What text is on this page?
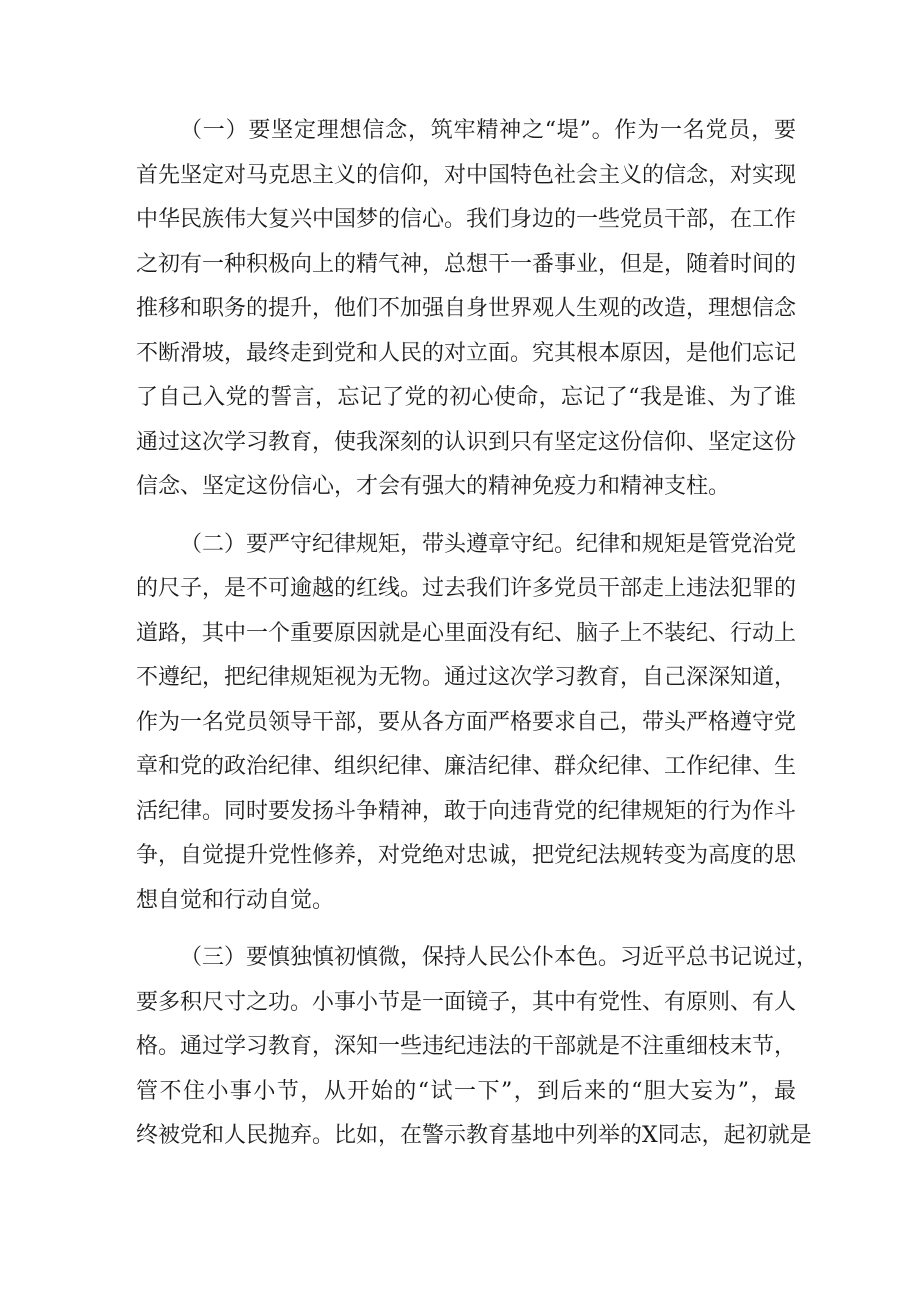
（一）要坚定理想信念，筑牢精神之“堤”。作为一名党员，要
首先坚定对马克思主义的信仰，对中国特色社会主义的信念，对实现
中华民族伟大复兴中国梦的信心。我们身边的一些党员干部，在工作
之初有一种积极向上的精气神，总想干一番事业，但是，随着时间的
推移和职务的提升，他们不加强自身世界观人生观的改造，理想信念
不断滑坡，最终走到党和人民的对立面。究其根本原因，是他们忘记
了自己入党的誓言，忘记了党的初心使命，忘记了“我是谁、为了谁
通过这次学习教育，使我深刻的认识到只有坚定这份信仰、坚定这份
信念、坚定这份信心，才会有强大的精神免疫力和精神支柱。
（二）要严守纪律规矩，带头遵章守纪。纪律和规矩是管党治党
的尺子，是不可逾越的红线。过去我们许多党员干部走上违法犯罪的
道路，其中一个重要原因就是心里面没有纪、脑子上不装纪、行动上
不遵纪，把纪律规矩视为无物。通过这次学习教育，自己深深知道，
作为一名党员领导干部，要从各方面严格要求自己，带头严格遵守党
章和党的政治纪律、组织纪律、廉洁纪律、群众纪律、工作纪律、生
活纪律。同时要发扬斗争精神，敢于向违背党的纪律规矩的行为作斗
争，自觉提升党性修养，对党绝对忠诚，把党纪法规转变为高度的思
想自觉和行动自觉。
（三）要慎独慎初慎微，保持人民公仆本色。习近平总书记说过，
要多积尺寸之功。小事小节是一面镜子，其中有党性、有原则、有人
格。通过学习教育，深知一些违纪违法的干部就是不注重细枝末节，
管不住小事小节，从开始的“试一下”，到后来的“胆大妄为”，最
终被党和人民抛弃。比如，在警示教育基地中列举的X同志，起初就是
